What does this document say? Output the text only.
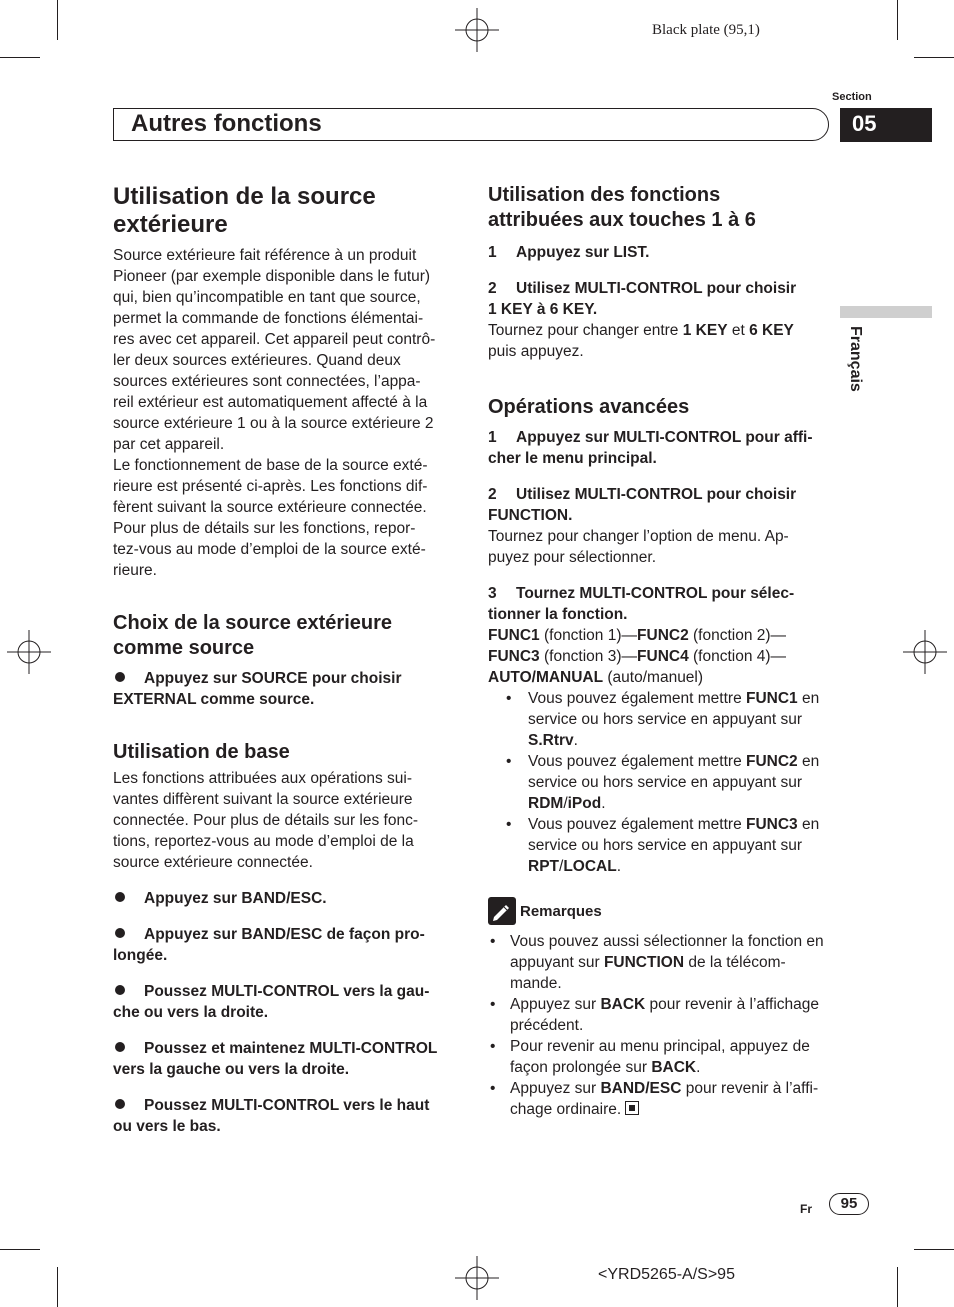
Black plate (95,1)
Section
Autres fonctions	05
Français
Utilisation de la source extérieure

Source extérieure fait référence à un produit

Pioneer (par exemple disponible dans le futur)

qui, bien qu’incompatible en tant que source,

permet la commande de fonctions élémentai-

res avec cet appareil. Cet appareil peut contrô-

ler deux sources extérieures. Quand deux

sources extérieures sont connectées, l’appa-

reil extérieur est automatiquement affecté à la

source extérieure 1 ou à la source extérieure 2

par cet appareil.

Le fonctionnement de base de la source exté-

rieure est présenté ci-après. Les fonctions dif-

fèrent suivant la source extérieure connectée.

Pour plus de détails sur les fonctions, repor-

tez-vous au mode d’emploi de la source exté-

rieure.

Choix de la source extérieure comme source
Appuyez sur SOURCE pour choisir
EXTERNAL comme source.
Utilisation de base

Les fonctions attribuées aux opérations sui-

vantes diffèrent suivant la source extérieure

connectée. Pour plus de détails sur les fonc-

tions, reportez-vous au mode d’emploi de la

source extérieure connectée.

Appuyez sur BAND/ESC.
Appuyez sur BAND/ESC de façon pro-
longée.
Poussez MULTI-CONTROL vers la gau-
che ou vers la droite.
Poussez et maintenez MULTI-CONTROL
vers la gauche ou vers la droite.
Poussez MULTI-CONTROL vers le haut
ou vers le bas.
Utilisation des fonctions attribuées aux touches 1 à 6
1 Appuyez sur LIST.
2 Utilisez MULTI-CONTROL pour choisir
1 KEY à 6 KEY.

Tournez pour changer entre 1 KEY et 6 KEY

puis appuyez.

Opérations avancées
1 Appuyez sur MULTI-CONTROL pour affi-
cher le menu principal.
2 Utilisez MULTI-CONTROL pour choisir
FUNCTION.

Tournez pour changer l’option de menu. Ap-

puyez pour sélectionner.

3 Tournez MULTI-CONTROL pour sélec-
tionner la fonction.

FUNC1 (fonction 1)—FUNC2 (fonction 2)—

FUNC3 (fonction 3)—FUNC4 (fonction 4)—

AUTO/MANUAL (auto/manuel)

• Vous pouvez également mettre FUNC1 en
service ou hors service en appuyant sur
S.Rtrv.
• Vous pouvez également mettre FUNC2 en
service ou hors service en appuyant sur
RDM/iPod.
• Vous pouvez également mettre FUNC3 en
service ou hors service en appuyant sur
RPT/LOCAL.
Remarques
• Vous pouvez aussi sélectionner la fonction en
appuyant sur FUNCTION de la télécom-
mande.
• Appuyez sur BACK pour revenir à l’affichage
précédent.
• Pour revenir au menu principal, appuyez de
façon prolongée sur BACK.
• Appuyez sur BAND/ESC pour revenir à l’affi-
chage ordinaire.
Fr	95
<YRD5265-A/S>95
